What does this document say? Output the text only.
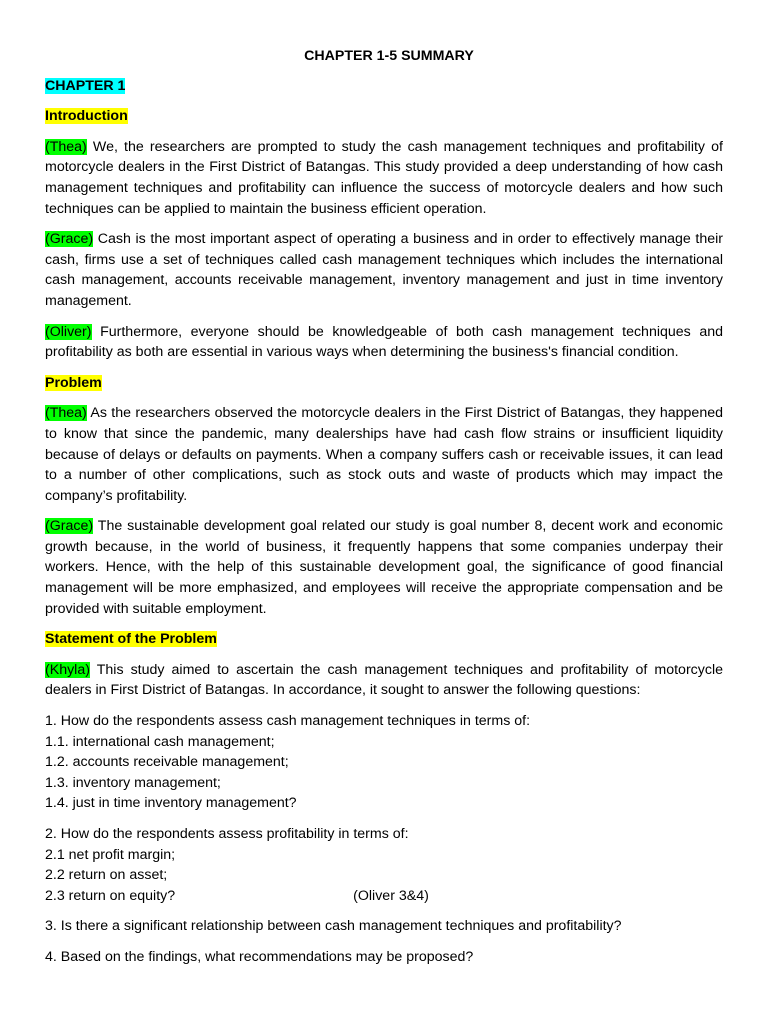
CHAPTER 1-5 SUMMARY
CHAPTER 1
Introduction

(Thea) We, the researchers are prompted to study the cash management techniques and profitability of motorcycle dealers in the First District of Batangas. This study provided a deep understanding of how cash management techniques and profitability can influence the success of motorcycle dealers and how such techniques can be applied to maintain the business efficient operation.

(Grace) Cash is the most important aspect of operating a business and in order to effectively manage their cash, firms use a set of techniques called cash management techniques which includes the international cash management, accounts receivable management, inventory management and just in time inventory management.

(Oliver) Furthermore, everyone should be knowledgeable of both cash management techniques and profitability as both are essential in various ways when determining the business's financial condition.

Problem

(Thea) As the researchers observed the motorcycle dealers in the First District of Batangas, they happened to know that since the pandemic, many dealerships have had cash flow strains or insufficient liquidity because of delays or defaults on payments. When a company suffers cash or receivable issues, it can lead to a number of other complications, such as stock outs and waste of products which may impact the company’s profitability.

(Grace) The sustainable development goal related our study is goal number 8, decent work and economic growth because, in the world of business, it frequently happens that some companies underpay their workers. Hence, with the help of this sustainable development goal, the significance of good financial management will be more emphasized, and employees will receive the appropriate compensation and be provided with suitable employment.

Statement of the Problem

(Khyla) This study aimed to ascertain the cash management techniques and profitability of motorcycle dealers in First District of Batangas. In accordance, it sought to answer the following questions:

1. How do the respondents assess cash management techniques in terms of:
1.1. international cash management;
1.2. accounts receivable management;
1.3. inventory management;
1.4. just in time inventory management?
2. How do the respondents assess profitability in terms of:
2.1 net profit margin;
2.2 return on asset;
2.3 return on equity?	(Oliver 3&4)
3. Is there a significant relationship between cash management techniques and profitability?
4. Based on the findings, what recommendations may be proposed?
